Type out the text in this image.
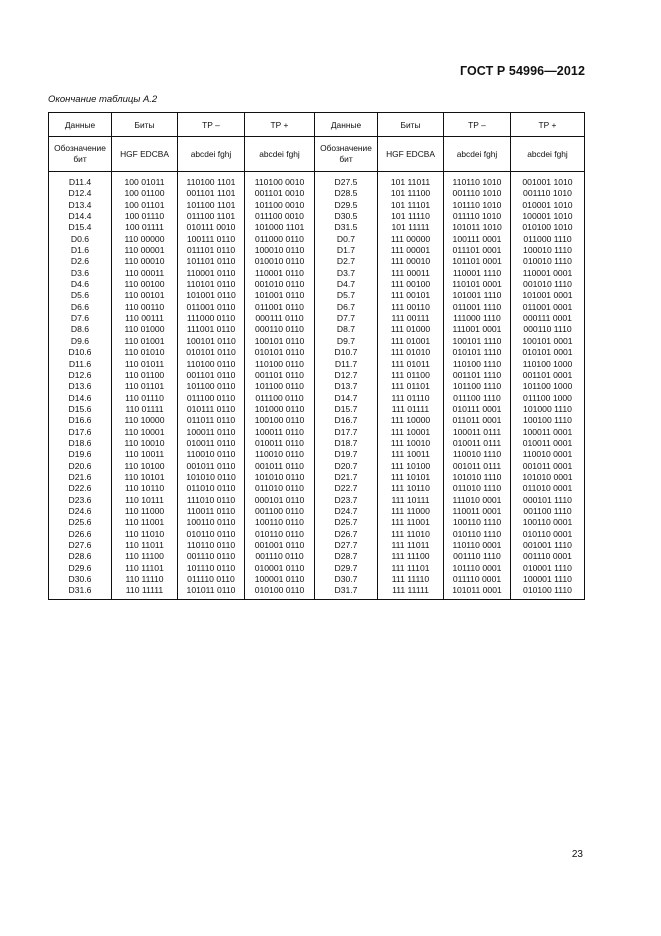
ГОСТ Р 54996—2012
Окончание таблицы А.2
Данные	Биты	ТР –	ТР +	Данные	Биты	ТР –	ТР +
Обозначение бит	HGF EDCBA	abcdei fghj	abcdei fghj	Обозначение бит	HGF EDCBA	abcdei fghj	abcdei fghj
D11.4	100 01011	110100 1101	110100 0010	D27.5	101 11011	110110 1010	001001 1010
D12.4	100 01100	001101 1101	001101 0010	D28.5	101 11100	001110 1010	001110 1010
D13.4	100 01101	101100 1101	101100 0010	D29.5	101 11101	101110 1010	010001 1010
D14.4	100 01110	011100 1101	011100 0010	D30.5	101 11110	011110 1010	100001 1010
D15.4	100 01111	010111 0010	101000 1101	D31.5	101 11111	101011 1010	010100 1010
D0.6	110 00000	100111 0110	011000 0110	D0.7	111 00000	100111 0001	011000 1110
D1.6	110 00001	011101 0110	100010 0110	D1.7	111 00001	011101 0001	100010 1110
D2.6	110 00010	101101 0110	010010 0110	D2.7	111 00010	101101 0001	010010 1110
D3.6	110 00011	110001 0110	110001 0110	D3.7	111 00011	110001 1110	110001 0001
D4.6	110 00100	110101 0110	001010 0110	D4.7	111 00100	110101 0001	001010 1110
D5.6	110 00101	101001 0110	101001 0110	D5.7	111 00101	101001 1110	101001 0001
D6.6	110 00110	011001 0110	011001 0110	D6.7	111 00110	011001 1110	011001 0001
D7.6	110 00111	111000 0110	000111 0110	D7.7	111 00111	111000 1110	000111 0001
D8.6	110 01000	111001 0110	000110 0110	D8.7	111 01000	111001 0001	000110 1110
D9.6	110 01001	100101 0110	100101 0110	D9.7	111 01001	100101 1110	100101 0001
D10.6	110 01010	010101 0110	010101 0110	D10.7	111 01010	010101 1110	010101 0001
D11.6	110 01011	110100 0110	110100 0110	D11.7	111 01011	110100 1110	110100 1000
D12.6	110 01100	001101 0110	001101 0110	D12.7	111 01100	001101 1110	001101 0001
D13.6	110 01101	101100 0110	101100 0110	D13.7	111 01101	101100 1110	101100 1000
D14.6	110 01110	011100 0110	011100 0110	D14.7	111 01110	011100 1110	011100 1000
D15.6	110 01111	010111 0110	101000 0110	D15.7	111 01111	010111 0001	101000 1110
D16.6	110 10000	011011 0110	100100 0110	D16.7	111 10000	011011 0001	100100 1110
D17.6	110 10001	100011 0110	100011 0110	D17.7	111 10001	100011 0111	100011 0001
D18.6	110 10010	010011 0110	010011 0110	D18.7	111 10010	010011 0111	010011 0001
D19.6	110 10011	110010 0110	110010 0110	D19.7	111 10011	110010 1110	110010 0001
D20.6	110 10100	001011 0110	001011 0110	D20.7	111 10100	001011 0111	001011 0001
D21.6	110 10101	101010 0110	101010 0110	D21.7	111 10101	101010 1110	101010 0001
D22.6	110 10110	011010 0110	011010 0110	D22.7	111 10110	011010 1110	011010 0001
D23.6	110 10111	111010 0110	000101 0110	D23.7	111 10111	111010 0001	000101 1110
D24.6	110 11000	110011 0110	001100 0110	D24.7	111 11000	110011 0001	001100 1110
D25.6	110 11001	100110 0110	100110 0110	D25.7	111 11001	100110 1110	100110 0001
D26.6	110 11010	010110 0110	010110 0110	D26.7	111 11010	010110 1110	010110 0001
D27.6	110 11011	110110 0110	001001 0110	D27.7	111 11011	110110 0001	001001 1110
D28.6	110 11100	001110 0110	001110 0110	D28.7	111 11100	001110 1110	001110 0001
D29.6	110 11101	101110 0110	010001 0110	D29.7	111 11101	101110 0001	010001 1110
D30.6	110 11110	011110 0110	100001 0110	D30.7	111 11110	011110 0001	100001 1110
D31.6	110 11111	101011 0110	010100 0110	D31.7	111 11111	101011 0001	010100 1110
23
